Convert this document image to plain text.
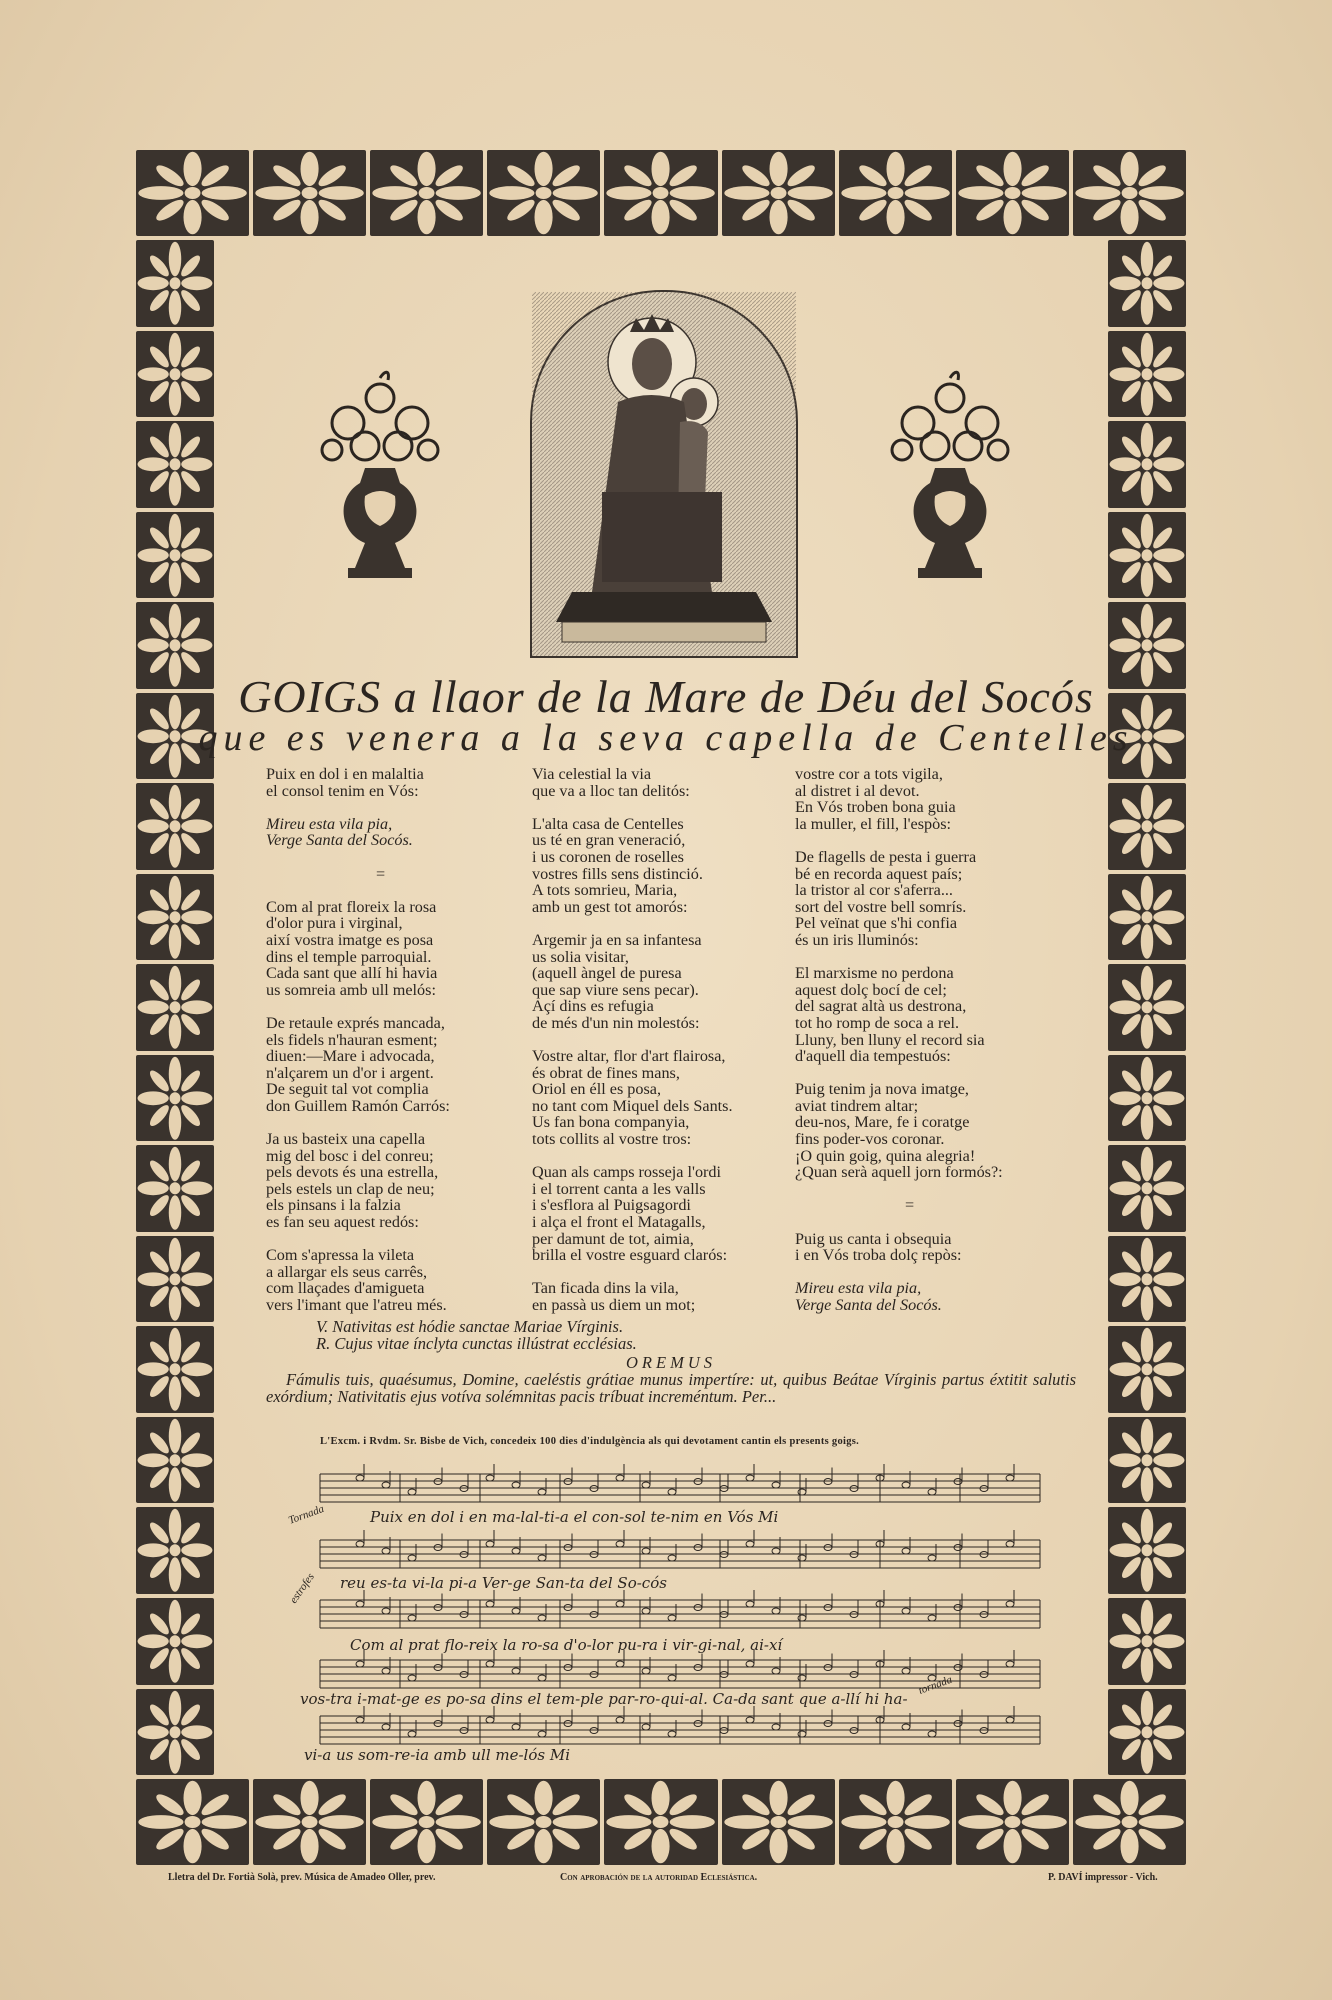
GOIGS a llaor de la Mare de Déu del Socós
que es venera a la seva capella de Centelles
Puix en dol i en malaltia
el consol tenim en Vós:
Mireu esta vila pia,
Verge Santa del Socós.
=
Com al prat floreix la rosa
d'olor pura i virginal,
així vostra imatge es posa
dins el temple parroquial.
Cada sant que allí hi havia
us somreia amb ull melós:
De retaule exprés mancada,
els fidels n'hauran esment;
diuen:—Mare i advocada,
n'alçarem un d'or i argent.
De seguit tal vot complia
don Guillem Ramón Carrós:
Ja us basteix una capella
mig del bosc i del conreu;
pels devots és una estrella,
pels estels un clap de neu;
els pinsans i la falzia
es fan seu aquest redós:
Com s'apressa la vileta
a allargar els seus carrês,
com llaçades d'amigueta
vers l'imant que l'atreu més.
Via celestial la via
que va a lloc tan delitós:
L'alta casa de Centelles
us té en gran veneració,
i us coronen de roselles
vostres fills sens distinció.
A tots somrieu, Maria,
amb un gest tot amorós:
Argemir ja en sa infantesa
us solia visitar,
(aquell àngel de puresa
que sap viure sens pecar).
Açí dins es refugia
de més d'un nin molestós:
Vostre altar, flor d'art flairosa,
és obrat de fines mans,
Oriol en éll es posa,
no tant com Miquel dels Sants.
Us fan bona companyia,
tots collits al vostre tros:
Quan als camps rosseja l'ordi
i el torrent canta a les valls
i s'esflora al Puigsagordi
i alça el front el Matagalls,
per damunt de tot, aimia,
brilla el vostre esguard clarós:
Tan ficada dins la vila,
en passà us diem un mot;
vostre cor a tots vigila,
al distret i al devot.
En Vós troben bona guia
la muller, el fill, l'espòs:
De flagells de pesta i guerra
bé en recorda aquest país;
la tristor al cor s'aferra...
sort del vostre bell somrís.
Pel veïnat que s'hi confia
és un iris lluminós:
El marxisme no perdona
aquest dolç bocí de cel;
del sagrat altà us destrona,
tot ho romp de soca a rel.
Lluny, ben lluny el record sia
d'aquell dia tempestuós:
Puig tenim ja nova imatge,
aviat tindrem altar;
deu-nos, Mare, fe i coratge
fins poder-vos coronar.
¡O quin goig, quina alegria!
¿Quan serà aquell jorn formós?:
=
Puig us canta i obsequia
i en Vós troba dolç repòs:
Mireu esta vila pia,
Verge Santa del Socós.
V. Nativitas est hódie sanctae Mariae Vírginis.
R. Cujus vitae ínclyta cunctas illústrat ecclésias.
OREMUS
Fámulis tuis, quaésumus, Domine, caeléstis grátiae munus impertíre: ut, quibus Beátae Vírginis partus éxtitit salutis exórdium; Nativitatis ejus votíva solémnitas pacis tríbuat increméntum. Per...
L'Excm. i Rvdm. Sr. Bisbe de Vich, concedeix 100 dies d'indulgència als qui devotament cantin els presents goigs.
Puix en dol i en ma-lal-ti-a el con-sol te-nim en Vós Mi
reu es-ta vi-la pi-a Ver-ge San-ta del So-cós
Com al prat flo-reix la ro-sa d'o-lor pu-ra i vir-gi-nal, ai-xí
vos-tra i-mat-ge es po-sa dins el tem-ple par-ro-qui-al. Ca-da sant que a-llí hi ha-
vi-a us som-re-ia amb ull me-lós Mi
Tornada
estrofes
tornada
Lletra del Dr. Fortià Solà, prev. Música de Amadeo Oller, prev.	Con aprobación de la autoridad Eclesiástica.	P. DAVÍ impressor - Vich.
